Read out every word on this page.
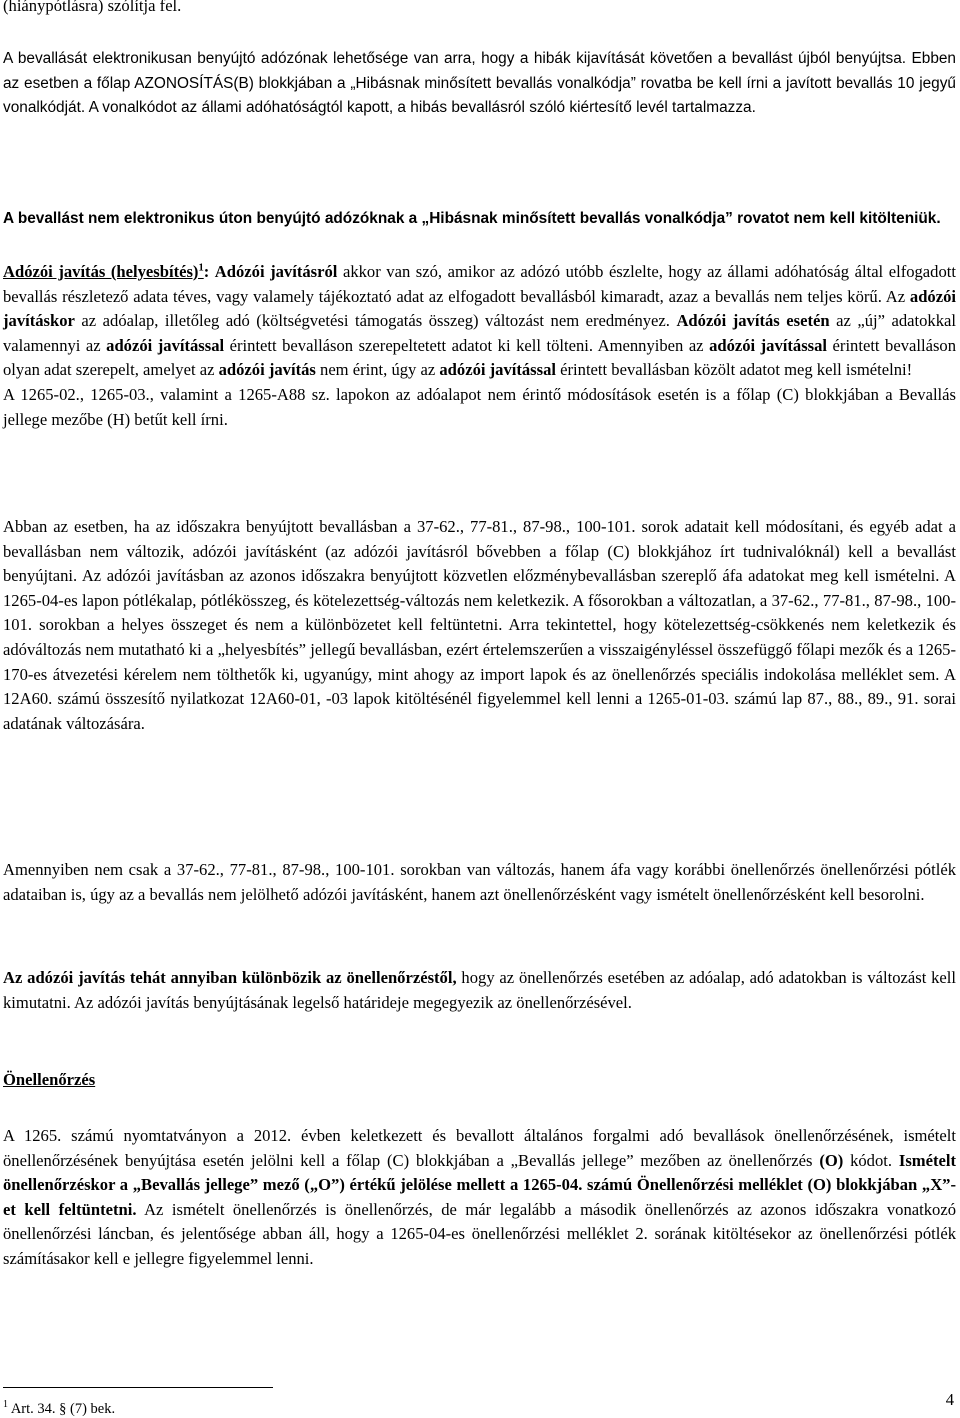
(hiánypótlásra) szólítja fel.
A bevallását elektronikusan benyújtó adózónak lehetősége van arra, hogy a hibák kijavítását követően a bevallást újból benyújtsa. Ebben az esetben a főlap AZONOSÍTÁS(B) blokkjában a „Hibásnak minősített bevallás vonalkódja” rovatba be kell írni a javított bevallás 10 jegyű vonalkódját. A vonalkódot az állami adóhatóságtól kapott, a hibás bevallásról szóló kiértesítő levél tartalmazza.
A bevallást nem elektronikus úton benyújtó adózóknak a „Hibásnak minősített bevallás vonalkódja” rovatot nem kell kitölteniük.
Adózói javítás (helyesbítés)$^1$: Adózói javításról akkor van szó, amikor az adózó utóbb észlelte, hogy az állami adóhatóság által elfogadott bevallás részletező adata téves, vagy valamely tájékoztató adat az elfogadott bevallásból kimaradt, azaz a bevallás nem teljes körű. Az adózói javításkor az adóalap, illetőleg adó (költségvetési támogatás összeg) változást nem eredményez. Adózói javítás esetén az „új” adatokkal valamennyi az adózói javítással érintett bevalláson szerepeltetett adatot ki kell tölteni. Amennyiben az adózói javítással érintett bevalláson olyan adat szerepelt, amelyet az adózói javítás nem érint, úgy az adózói javítással érintett bevallásban közölt adatot meg kell ismételni!
A 1265-02., 1265-03., valamint a 1265-A88 sz. lapokon az adóalapot nem érintő módosítások esetén is a főlap (C) blokkjában a Bevallás jellege mezőbe (H) betűt kell írni.
Abban az esetben, ha az időszakra benyújtott bevallásban a 37-62., 77-81., 87-98., 100-101. sorok adatait kell módosítani, és egyéb adat a bevallásban nem változik, adózói javításként (az adózói javításról bővebben a főlap (C) blokkjához írt tudnivalóknál) kell a bevallást benyújtani. Az adózói javításban az azonos időszakra benyújtott közvetlen előzménybevallásban szereplő áfa adatokat meg kell ismételni. A 1265-04-es lapon pótlékalap, pótlékösszeg, és kötelezettség-változás nem keletkezik. A fősorokban a változatlan, a 37-62., 77-81., 87-98., 100-101. sorokban a helyes összeget és nem a különbözetet kell feltüntetni. Arra tekintettel, hogy kötelezettség-csökkenés nem keletkezik és adóváltozás nem mutatható ki a „helyesbítés” jellegű bevallásban, ezért értelemszerűen a visszaigényléssel összefüggő főlapi mezők és a 1265-170-es átvezetési kérelem nem tölthetők ki, ugyanúgy, mint ahogy az import lapok és az önellenőrzés speciális indokolása melléklet sem. A 12A60. számú összesítő nyilatkozat 12A60-01, -03 lapok kitöltésénél figyelemmel kell lenni a 1265-01-03. számú lap 87., 88., 89., 91. sorai adatának változására.
Amennyiben nem csak a 37-62., 77-81., 87-98., 100-101. sorokban van változás, hanem áfa vagy korábbi önellenőrzés önellenőrzési pótlék adataiban is, úgy az a bevallás nem jelölhető adózói javításként, hanem azt önellenőrzésként vagy ismételt önellenőrzésként kell besorolni.
Az adózói javítás tehát annyiban különbözik az önellenőrzéstől, hogy az önellenőrzés esetében az adóalap, adó adatokban is változást kell kimutatni. Az adózói javítás benyújtásának legelső határideje megegyezik az önellenőrzésével.
Önellenőrzés
A 1265. számú nyomtatványon a 2012. évben keletkezett és bevallott általános forgalmi adó bevallások önellenőrzésének, ismételt önellenőrzésének benyújtása esetén jelölni kell a főlap (C) blokkjában a „Bevallás jellege” mezőben az önellenőrzés (O) kódot. Ismételt önellenőrzéskor a „Bevallás jellege” mező („O”) értékű jelölése mellett a 1265-04. számú Önellenőrzési melléklet (O) blokkjában „X”-et kell feltüntetni. Az ismételt önellenőrzés is önellenőrzés, de már legalább a második önellenőrzés az azonos időszakra vonatkozó önellenőrzési láncban, és jelentősége abban áll, hogy a 1265-04-es önellenőrzési melléklet 2. sorának kitöltésekor az önellenőrzési pótlék számításakor kell e jellegre figyelemmel lenni.
$^1$ Art. 34. § (7) bek.	4
